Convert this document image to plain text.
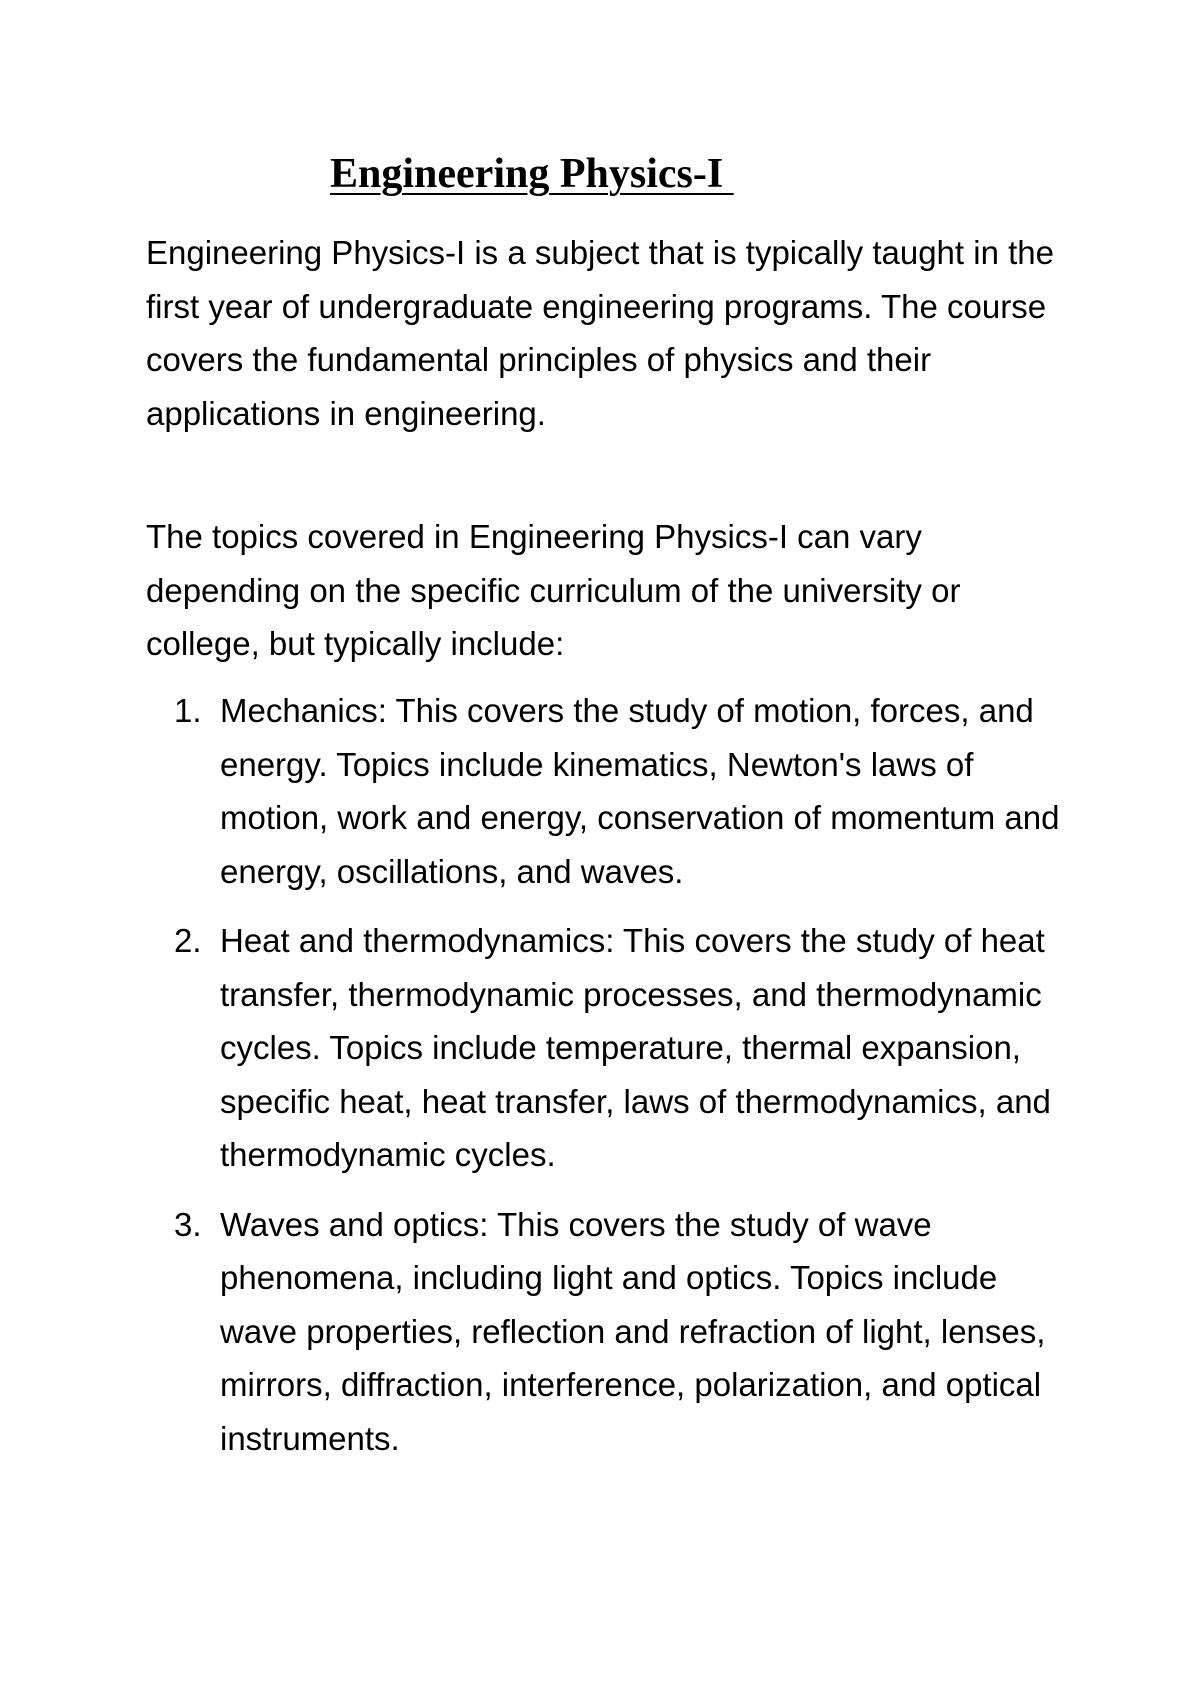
Engineering Physics-I

Engineering Physics-I is a subject that is typically taught in the first year of undergraduate engineering programs. The course covers the fundamental principles of physics and their applications in engineering.

The topics covered in Engineering Physics-I can vary depending on the specific curriculum of the university or college, but typically include:

1. Mechanics: This covers the study of motion, forces, and energy. Topics include kinematics, Newton's laws of motion, work and energy, conservation of momentum and energy, oscillations, and waves.
2. Heat and thermodynamics: This covers the study of heat transfer, thermodynamic processes, and thermodynamic cycles. Topics include temperature, thermal expansion, specific heat, heat transfer, laws of thermodynamics, and thermodynamic cycles.
3. Waves and optics: This covers the study of wave phenomena, including light and optics. Topics include wave properties, reflection and refraction of light, lenses, mirrors, diffraction, interference, polarization, and optical instruments.
